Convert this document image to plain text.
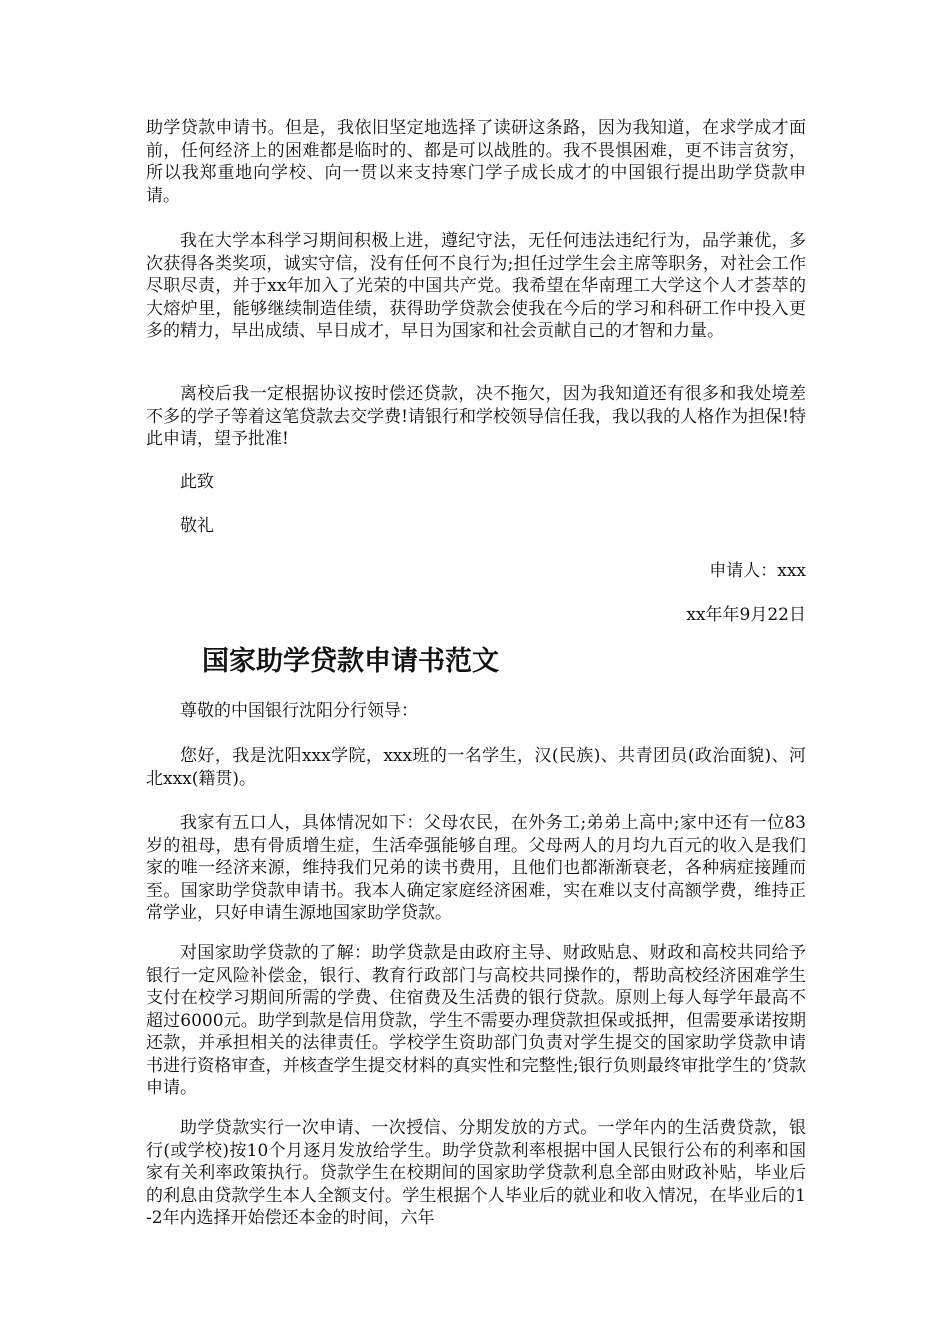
助学贷款申请书。但是，我依旧坚定地选择了读研这条路，因为我知道，在求学成才面前，任何经济上的困难都是临时的、都是可以战胜的。我不畏惧困难，更不讳言贫穷，所以我郑重地向学校、向一贯以来支持寒门学子成长成才的中国银行提出助学贷款申请。

我在大学本科学习期间积极上进，遵纪守法，无任何违法违纪行为，品学兼优，多次获得各类奖项，诚实守信，没有任何不良行为;担任过学生会主席等职务，对社会工作尽职尽责，并于xx年加入了光荣的中国共产党。我希望在华南理工大学这个人才荟萃的大熔炉里，能够继续制造佳绩，获得助学贷款会使我在今后的学习和科研工作中投入更多的精力，早出成绩、早日成才，早日为国家和社会贡献自己的才智和力量。

离校后我一定根据协议按时偿还贷款，决不拖欠，因为我知道还有很多和我处境差不多的学子等着这笔贷款去交学费!请银行和学校领导信任我，我以我的人格作为担保!特此申请，望予批准!

此致

敬礼

申请人：xxx

xx年年9月22日

国家助学贷款申请书范文

尊敬的中国银行沈阳分行领导：

您好，我是沈阳xxx学院，xxx班的一名学生，汉(民族)、共青团员(政治面貌)、河北xxx(籍贯)。

我家有五口人，具体情况如下：父母农民，在外务工;弟弟上高中;家中还有一位83岁的祖母，患有骨质增生症，生活牵强能够自理。父母两人的月均九百元的收入是我们家的唯一经济来源，维持我们兄弟的读书费用，且他们也都渐渐衰老，各种病症接踵而至。国家助学贷款申请书。我本人确定家庭经济困难，实在难以支付高额学费，维持正常学业，只好申请生源地国家助学贷款。

对国家助学贷款的了解：助学贷款是由政府主导、财政贴息、财政和高校共同给予银行一定风险补偿金，银行、教育行政部门与高校共同操作的，帮助高校经济困难学生支付在校学习期间所需的学费、住宿费及生活费的银行贷款。原则上每人每学年最高不超过6000元。助学到款是信用贷款，学生不需要办理贷款担保或抵押，但需要承诺按期还款，并承担相关的法律责任。学校学生资助部门负责对学生提交的国家助学贷款申请书进行资格审查，并核查学生提交材料的真实性和完整性;银行负则最终审批学生的’贷款申请。

助学贷款实行一次申请、一次授信、分期发放的方式。一学年内的生活费贷款，银行(或学校)按10个月逐月发放给学生。助学贷款利率根据中国人民银行公布的利率和国家有关利率政策执行。贷款学生在校期间的国家助学贷款利息全部由财政补贴，毕业后的利息由贷款学生本人全额支付。学生根据个人毕业后的就业和收入情况，在毕业后的1-2年内选择开始偿还本金的时间，六年
